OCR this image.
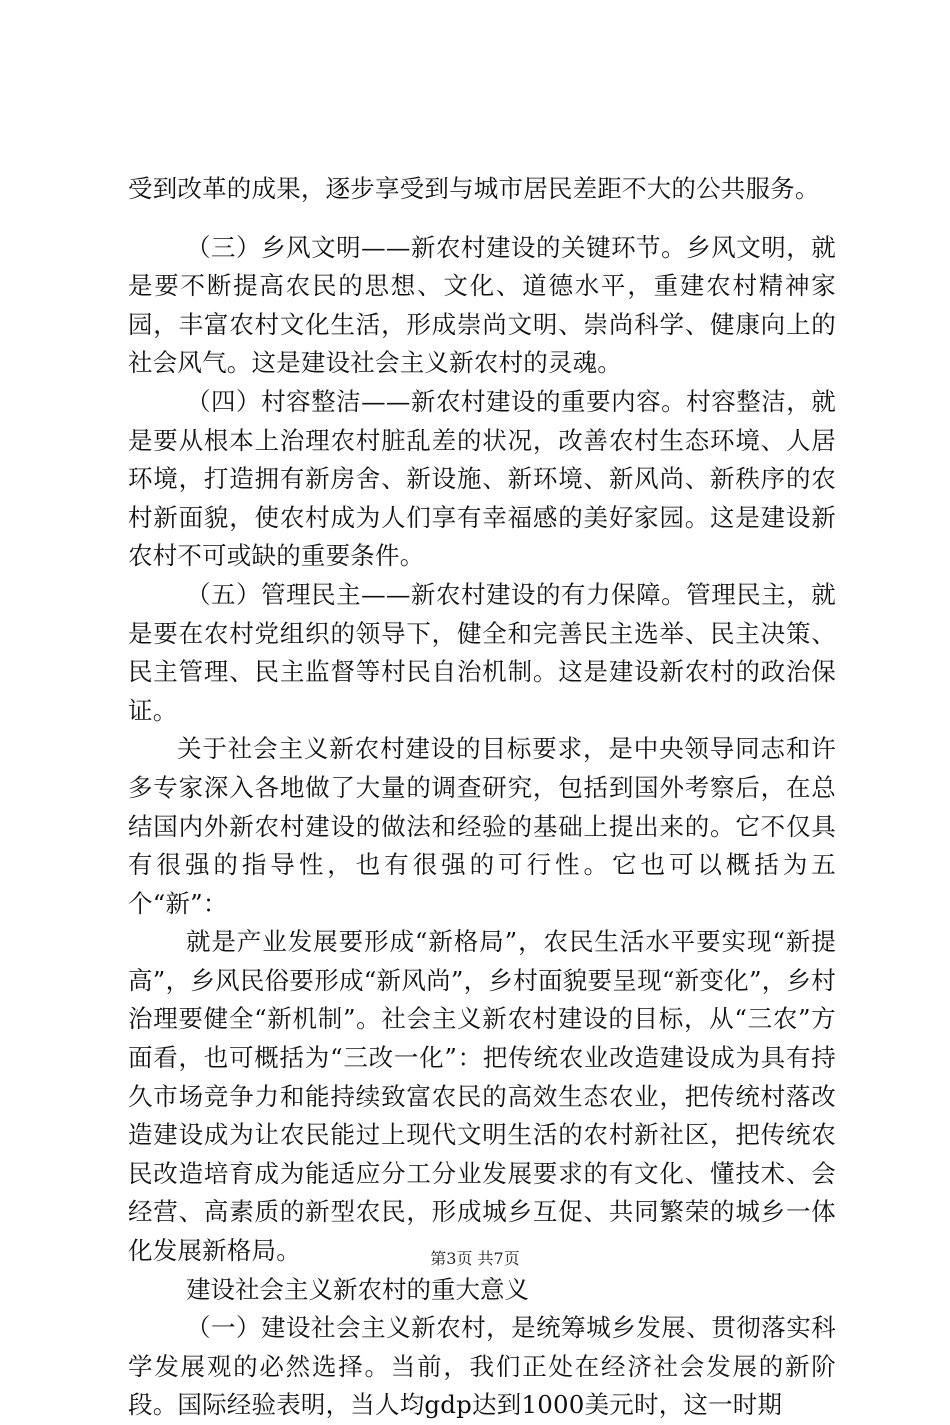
受到改革的成果，逐步享受到与城市居民差距不大的公共服务。

（三）乡风文明——新农村建设的关键环节。乡风文明，就是要不断提高农民的思想、文化、道德水平，重建农村精神家园，丰富农村文化生活，形成崇尚文明、崇尚科学、健康向上的社会风气。这是建设社会主义新农村的灵魂。

（四）村容整洁——新农村建设的重要内容。村容整洁，就是要从根本上治理农村脏乱差的状况，改善农村生态环境、人居环境，打造拥有新房舍、新设施、新环境、新风尚、新秩序的农村新面貌，使农村成为人们享有幸福感的美好家园。这是建设新农村不可或缺的重要条件。

（五）管理民主——新农村建设的有力保障。管理民主，就是要在农村党组织的领导下，健全和完善民主选举、民主决策、民主管理、民主监督等村民自治机制。这是建设新农村的政治保证。

关于社会主义新农村建设的目标要求，是中央领导同志和许多专家深入各地做了大量的调查研究，包括到国外考察后，在总结国内外新农村建设的做法和经验的基础上提出来的。它不仅具有很强的指导性，也有很强的可行性。它也可以概括为五个“新”：

就是产业发展要形成“新格局”，农民生活水平要实现“新提高”，乡风民俗要形成“新风尚”，乡村面貌要呈现“新变化”，乡村治理要健全“新机制”。社会主义新农村建设的目标，从“三农”方面看，也可概括为“三改一化”：把传统农业改造建设成为具有持久市场竞争力和能持续致富农民的高效生态农业，把传统村落改造建设成为让农民能过上现代文明生活的农村新社区，把传统农民改造培育成为能适应分工分业发展要求的有文化、懂技术、会经营、高素质的新型农民，形成城乡互促、共同繁荣的城乡一体化发展新格局。

建设社会主义新农村的重大意义

（一）建设社会主义新农村，是统筹城乡发展、贯彻落实科学发展观的必然选择。当前，我们正处在经济社会发展的新阶段。国际经验表明，当人均gdp达到1000美元时，这一时期

第3页 共7页
